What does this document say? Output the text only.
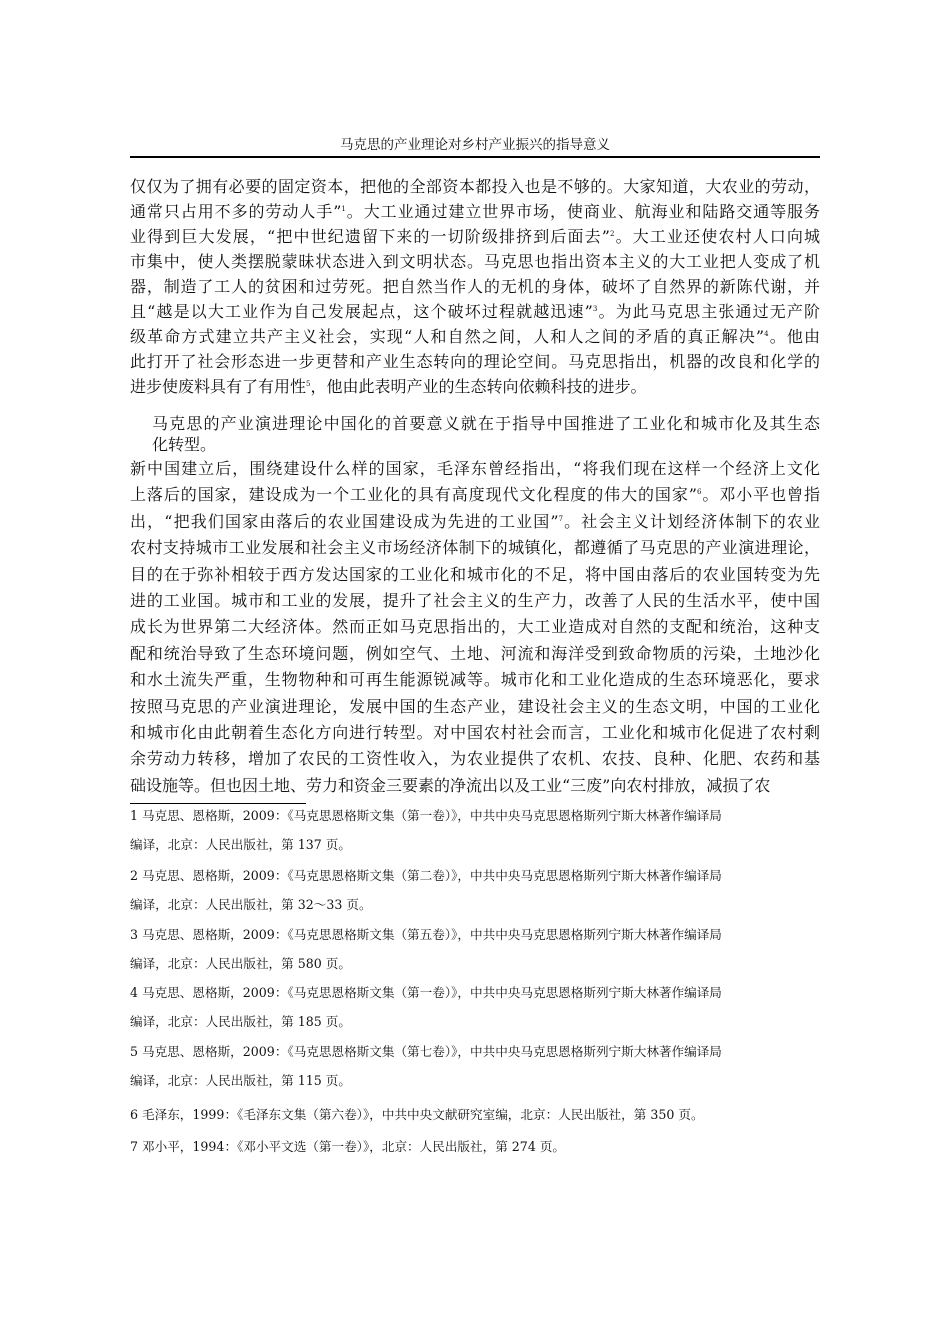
马克思的产业理论对乡村产业振兴的指导意义
仅仅为了拥有必要的固定资本，把他的全部资本都投入也是不够的。大家知道，大农业的劳动，
通常只占用不多的劳动人手”$^1$。大工业通过建立世界市场，使商业、航海业和陆路交通等服务
业得到巨大发展，“把中世纪遗留下来的一切阶级排挤到后面去”$^2$。大工业还使农村人口向城
市集中，使人类摆脱蒙昧状态进入到文明状态。马克思也指出资本主义的大工业把人变成了机
器，制造了工人的贫困和过劳死。把自然当作人的无机的身体，破坏了自然界的新陈代谢，并
且“越是以大工业作为自己发展起点，这个破坏过程就越迅速”$^3$。为此马克思主张通过无产阶
级革命方式建立共产主义社会，实现“人和自然之间，人和人之间的矛盾的真正解决”$^4$。他由
此打开了社会形态进一步更替和产业生态转向的理论空间。马克思指出，机器的改良和化学的
进步使废料具有了有用性$^5$，他由此表明产业的生态转向依赖科技的进步。
马克思的产业演进理论中国化的首要意义就在于指导中国推进了工业化和城市化及其生态
化转型。
新中国建立后，围绕建设什么样的国家，毛泽东曾经指出，“将我们现在这样一个经济上文化
上落后的国家，建设成为一个工业化的具有高度现代文化程度的伟大的国家”$^6$。邓小平也曾指
出，“把我们国家由落后的农业国建设成为先进的工业国”$^7$。社会主义计划经济体制下的农业
农村支持城市工业发展和社会主义市场经济体制下的城镇化，都遵循了马克思的产业演进理论，
目的在于弥补相较于西方发达国家的工业化和城市化的不足，将中国由落后的农业国转变为先
进的工业国。城市和工业的发展，提升了社会主义的生产力，改善了人民的生活水平，使中国
成长为世界第二大经济体。然而正如马克思指出的，大工业造成对自然的支配和统治，这种支
配和统治导致了生态环境问题，例如空气、土地、河流和海洋受到致命物质的污染，土地沙化
和水土流失严重，生物物种和可再生能源锐减等。城市化和工业化造成的生态环境恶化，要求
按照马克思的产业演进理论，发展中国的生态产业，建设社会主义的生态文明，中国的工业化
和城市化由此朝着生态化方向进行转型。对中国农村社会而言，工业化和城市化促进了农村剩
余劳动力转移，增加了农民的工资性收入，为农业提供了农机、农技、良种、化肥、农药和基
础设施等。但也因土地、劳力和资金三要素的净流出以及工业“三废”向农村排放，减损了农
1 马克思、恩格斯，2009：《马克思恩格斯文集（第一卷）》，中共中央马克思恩格斯列宁斯大林著作编译局
编译，北京：人民出版社，第 137 页。
2 马克思、恩格斯，2009：《马克思恩格斯文集（第二卷）》，中共中央马克思恩格斯列宁斯大林著作编译局
编译，北京：人民出版社，第 32～33 页。
3 马克思、恩格斯，2009：《马克思恩格斯文集（第五卷）》，中共中央马克思恩格斯列宁斯大林著作编译局
编译，北京：人民出版社，第 580 页。
4 马克思、恩格斯，2009：《马克思恩格斯文集（第一卷）》，中共中央马克思恩格斯列宁斯大林著作编译局
编译，北京：人民出版社，第 185 页。
5 马克思、恩格斯，2009：《马克思恩格斯文集（第七卷）》，中共中央马克思恩格斯列宁斯大林著作编译局
编译，北京：人民出版社，第 115 页。
6 毛泽东，1999：《毛泽东文集（第六卷）》，中共中央文献研究室编，北京：人民出版社，第 350 页。
7 邓小平，1994：《邓小平文选（第一卷）》，北京：人民出版社，第 274 页。
